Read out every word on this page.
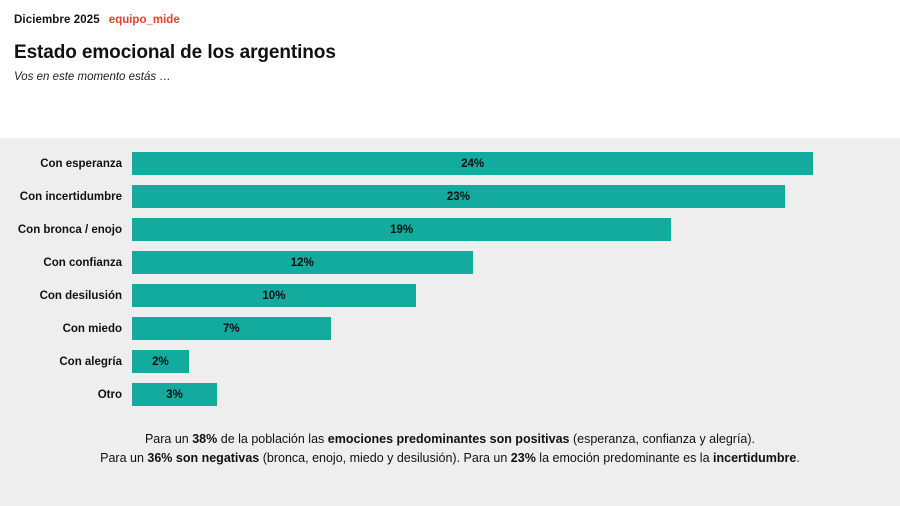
Diciembre 2025 equipo_mide
Estado emocional de los argentinos
Vos en este momento estás …
Con esperanza	24%
Con incertidumbre	23%
Con bronca / enojo	19%
Con confianza	12%
Con desilusión	10%
Con miedo	7%
Con alegría	2%
Otro	3%
Para un 38% de la población las emociones predominantes son positivas (esperanza, confianza y alegría).
Para un 36% son negativas (bronca, enojo, miedo y desilusión). Para un 23% la emoción predominante es la incertidumbre.
